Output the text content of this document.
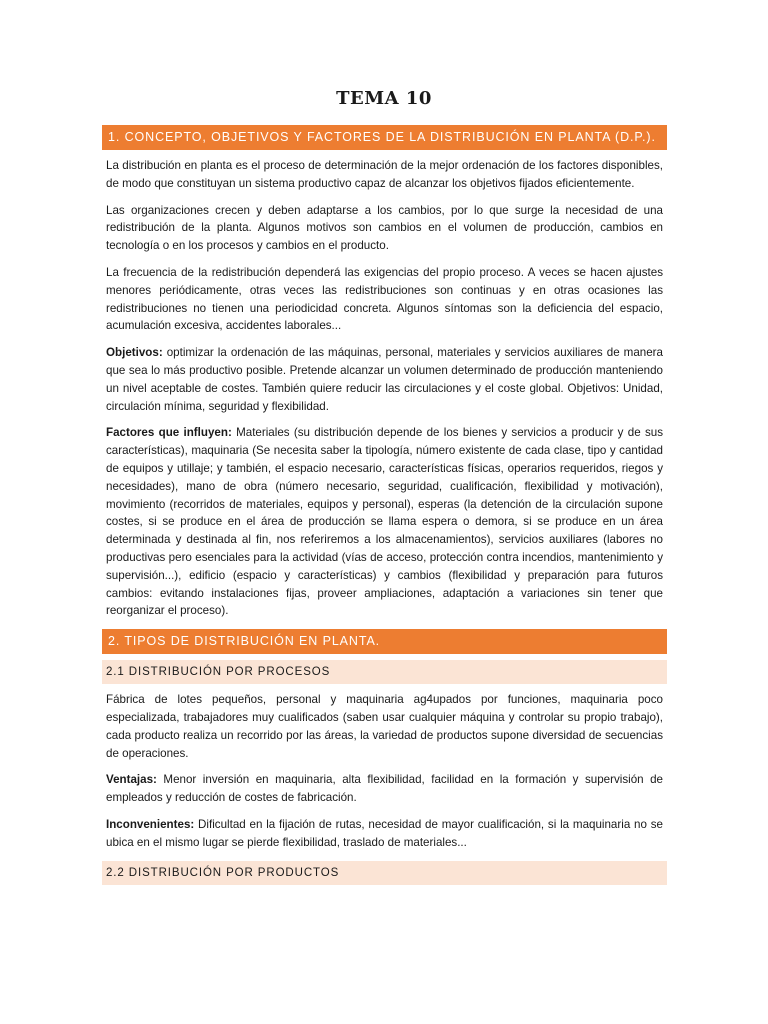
TEMA 10
1. CONCEPTO, OBJETIVOS Y FACTORES DE LA DISTRIBUCIÓN EN PLANTA (D.P.).

La distribución en planta es el proceso de determinación de la mejor ordenación de los factores disponibles, de modo que constituyan un sistema productivo capaz de alcanzar los objetivos fijados eficientemente.

Las organizaciones crecen y deben adaptarse a los cambios, por lo que surge la necesidad de una redistribución de la planta. Algunos motivos son cambios en el volumen de producción, cambios en tecnología o en los procesos y cambios en el producto.

La frecuencia de la redistribución dependerá las exigencias del propio proceso. A veces se hacen ajustes menores periódicamente, otras veces las redistribuciones son continuas y en otras ocasiones las redistribuciones no tienen una periodicidad concreta. Algunos síntomas son la deficiencia del espacio, acumulación excesiva, accidentes laborales...

Objetivos: optimizar la ordenación de las máquinas, personal, materiales y servicios auxiliares de manera que sea lo más productivo posible. Pretende alcanzar un volumen determinado de producción manteniendo un nivel aceptable de costes. También quiere reducir las circulaciones y el coste global. Objetivos: Unidad, circulación mínima, seguridad y flexibilidad.

Factores que influyen: Materiales (su distribución depende de los bienes y servicios a producir y de sus características), maquinaria (Se necesita saber la tipología, número existente de cada clase, tipo y cantidad de equipos y utillaje; y también, el espacio necesario, características físicas, operarios requeridos, riegos y necesidades), mano de obra (número necesario, seguridad, cualificación, flexibilidad y motivación), movimiento (recorridos de materiales, equipos y personal), esperas (la detención de la circulación supone costes, si se produce en el área de producción se llama espera o demora, si se produce en un área determinada y destinada al fin, nos referiremos a los almacenamientos), servicios auxiliares (labores no productivas pero esenciales para la actividad (vías de acceso, protección contra incendios, mantenimiento y supervisión...), edificio (espacio y características) y cambios (flexibilidad y preparación para futuros cambios: evitando instalaciones fijas, proveer ampliaciones, adaptación a variaciones sin tener que reorganizar el proceso).

2. TIPOS DE DISTRIBUCIÓN EN PLANTA.
2.1 DISTRIBUCIÓN POR PROCESOS

Fábrica de lotes pequeños, personal y maquinaria ag4upados por funciones, maquinaria poco especializada, trabajadores muy cualificados (saben usar cualquier máquina y controlar su propio trabajo), cada producto realiza un recorrido por las áreas, la variedad de productos supone diversidad de secuencias de operaciones.

Ventajas: Menor inversión en maquinaria, alta flexibilidad, facilidad en la formación y supervisión de empleados y reducción de costes de fabricación.

Inconvenientes: Dificultad en la fijación de rutas, necesidad de mayor cualificación, si la maquinaria no se ubica en el mismo lugar se pierde flexibilidad, traslado de materiales...

2.2 DISTRIBUCIÓN POR PRODUCTOS
